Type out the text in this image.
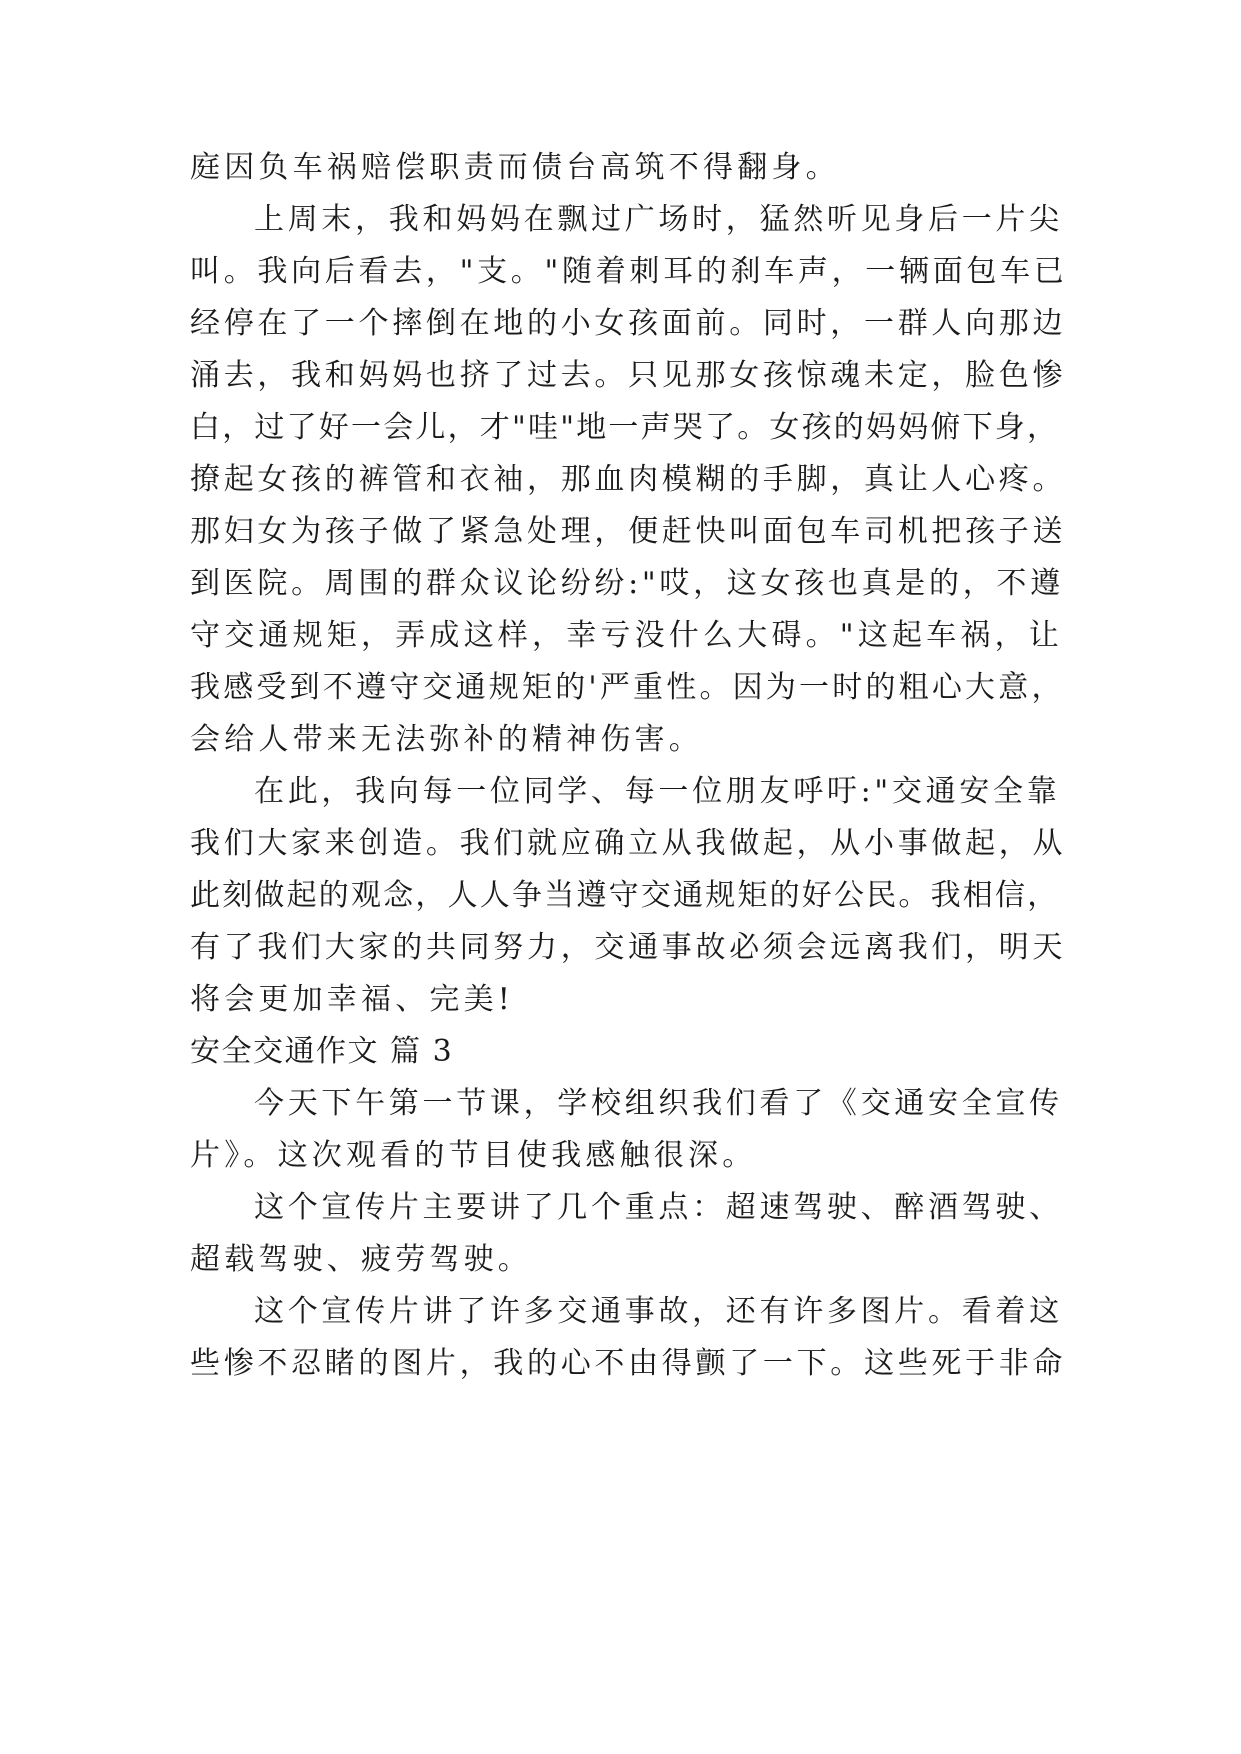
庭因负车祸赔偿职责而债台高筑不得翻身。
上周末，我和妈妈在飘过广场时，猛然听见身后一片尖
叫。我向后看去，"支。"随着刺耳的刹车声，一辆面包车已
经停在了一个摔倒在地的小女孩面前。同时，一群人向那边
涌去，我和妈妈也挤了过去。只见那女孩惊魂未定，脸色惨
白，过了好一会儿，才"哇"地一声哭了。女孩的妈妈俯下身，
撩起女孩的裤管和衣袖，那血肉模糊的手脚，真让人心疼。
那妇女为孩子做了紧急处理，便赶快叫面包车司机把孩子送
到医院。周围的群众议论纷纷:"哎，这女孩也真是的，不遵
守交通规矩，弄成这样，幸亏没什么大碍。"这起车祸，让
我感受到不遵守交通规矩的'严重性。因为一时的粗心大意，
会给人带来无法弥补的精神伤害。
在此，我向每一位同学、每一位朋友呼吁:"交通安全靠
我们大家来创造。我们就应确立从我做起，从小事做起，从
此刻做起的观念，人人争当遵守交通规矩的好公民。我相信，
有了我们大家的共同努力，交通事故必须会远离我们，明天
将会更加幸福、完美!
安全交通作文 篇 3
今天下午第一节课，学校组织我们看了《交通安全宣传
片》。这次观看的节目使我感触很深。
这个宣传片主要讲了几个重点：超速驾驶、醉酒驾驶、
超载驾驶、疲劳驾驶。
这个宣传片讲了许多交通事故，还有许多图片。看着这
些惨不忍睹的图片，我的心不由得颤了一下。这些死于非命
